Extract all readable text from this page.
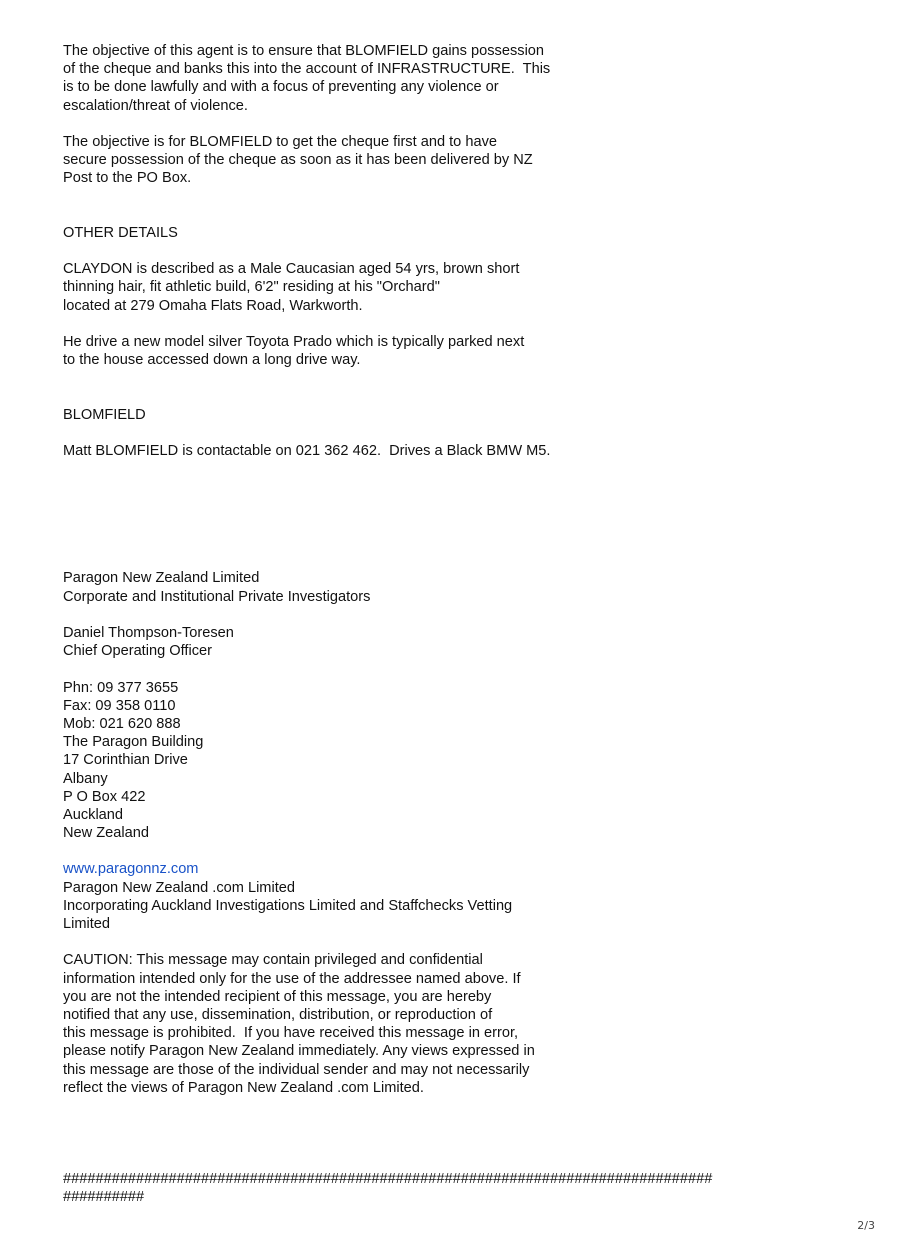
The objective of this agent is to ensure that BLOMFIELD gains possession
of the cheque and banks this into the account of INFRASTRUCTURE.  This
is to be done lawfully and with a focus of preventing any violence or
escalation/threat of violence.
The objective is for BLOMFIELD to get the cheque first and to have
secure possession of the cheque as soon as it has been delivered by NZ
Post to the PO Box.
OTHER DETAILS
CLAYDON is described as a Male Caucasian aged 54 yrs, brown short
thinning hair, fit athletic build, 6'2" residing at his "Orchard"
located at 279 Omaha Flats Road, Warkworth.
He drive a new model silver Toyota Prado which is typically parked next
to the house accessed down a long drive way.
BLOMFIELD
Matt BLOMFIELD is contactable on 021 362 462.  Drives a Black BMW M5.
Paragon New Zealand Limited
Corporate and Institutional Private Investigators
Daniel Thompson-Toresen
Chief Operating Officer
Phn: 09 377 3655
Fax: 09 358 0110
Mob: 021 620 888
The Paragon Building
17 Corinthian Drive
Albany
P O Box 422
Auckland
New Zealand
www.paragonnz.com
Paragon New Zealand .com Limited
Incorporating Auckland Investigations Limited and Staffchecks Vetting
Limited
CAUTION: This message may contain privileged and confidential
information intended only for the use of the addressee named above. If
you are not the intended recipient of this message, you are hereby
notified that any use, dissemination, distribution, or reproduction of
this message is prohibited.  If you have received this message in error,
please notify Paragon New Zealand immediately. Any views expressed in
this message are those of the individual sender and may not necessarily
reflect the views of Paragon New Zealand .com Limited.
################################################################################
##########
2/3
